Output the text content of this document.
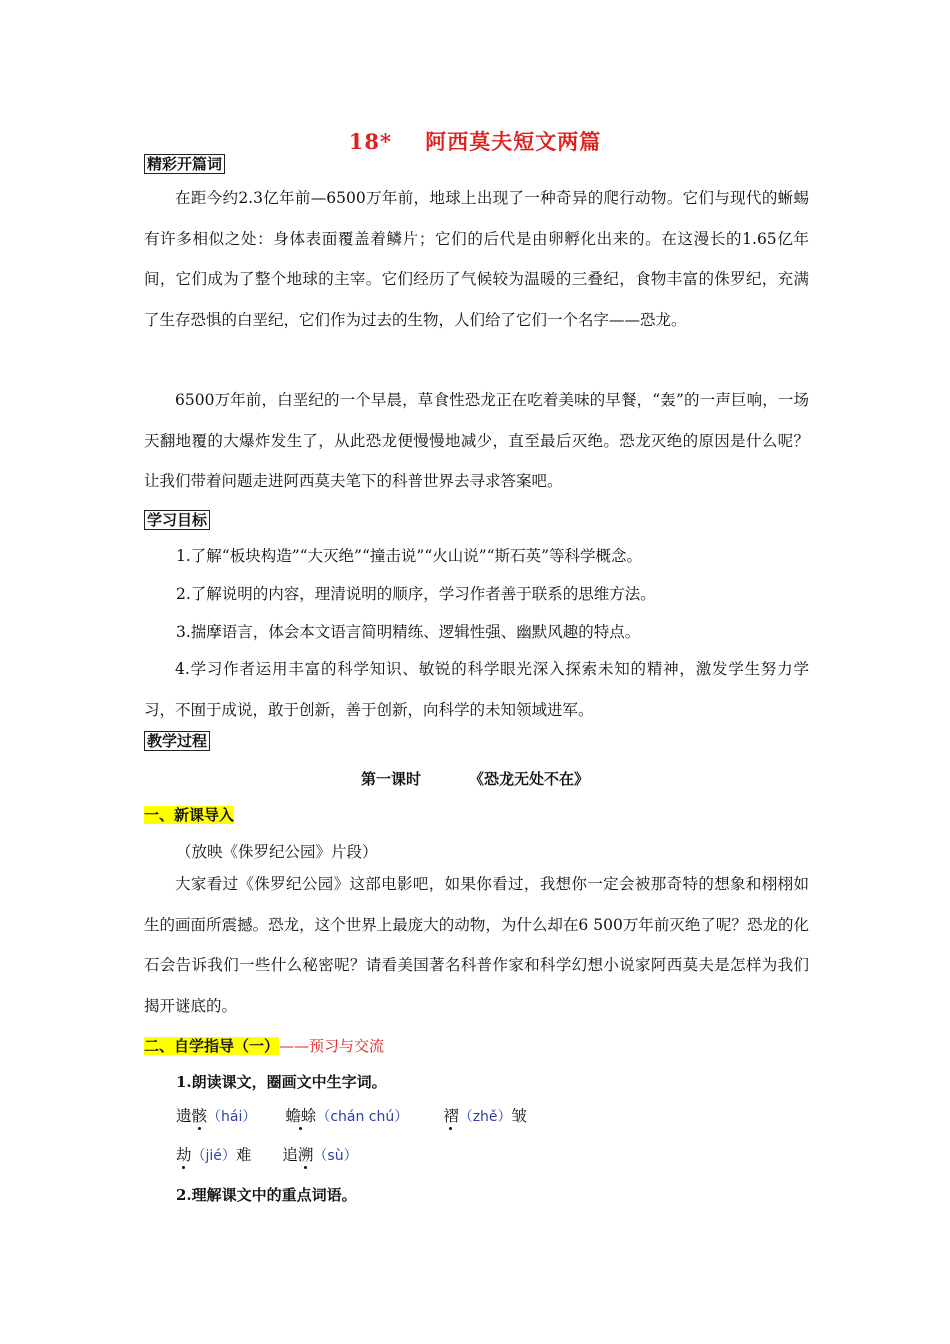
18*    阿西莫夫短文两篇
精彩开篇词

在距今约2.3亿年前—6500万年前，地球上出现了一种奇异的爬行动物。它们与现代的蜥蜴有许多相似之处：身体表面覆盖着鳞片；它们的后代是由卵孵化出来的。在这漫长的1.65亿年间，它们成为了整个地球的主宰。它们经历了气候较为温暖的三叠纪，食物丰富的侏罗纪，充满了生存恐惧的白垩纪，它们作为过去的生物，人们给了它们一个名字——恐龙。

6500万年前，白垩纪的一个早晨，草食性恐龙正在吃着美味的早餐，“轰”的一声巨响，一场天翻地覆的大爆炸发生了，从此恐龙便慢慢地减少，直至最后灭绝。恐龙灭绝的原因是什么呢？让我们带着问题走进阿西莫夫笔下的科普世界去寻求答案吧。

学习目标
1.了解“板块构造”“大灭绝”“撞击说”“火山说”“斯石英”等科学概念。
2.了解说明的内容，理清说明的顺序，学习作者善于联系的思维方法。
3.揣摩语言，体会本文语言简明精练、逻辑性强、幽默风趣的特点。

4.学习作者运用丰富的科学知识、敏锐的科学眼光深入探索未知的精神，激发学生努力学习，不囿于成说，敢于创新，善于创新，向科学的未知领域进军。

教学过程
第一课时	《恐龙无处不在》
一、新课导入
（放映《侏罗纪公园》片段）

大家看过《侏罗纪公园》这部电影吧，如果你看过，我想你一定会被那奇特的想象和栩栩如生的画面所震撼。恐龙，这个世界上最庞大的动物，为什么却在6 500万年前灭绝了呢？恐龙的化石会告诉我们一些什么秘密呢？请看美国著名科普作家和科学幻想小说家阿西莫夫是怎样为我们揭开谜底的。

二、自学指导（一）——预习与交流
1.朗读课文，圈画文中生字词。
遗骸（hái） 蟾蜍（chán chú） 褶（zhě）皱
劫（jié）难 追溯（sù）
2.理解课文中的重点词语。
